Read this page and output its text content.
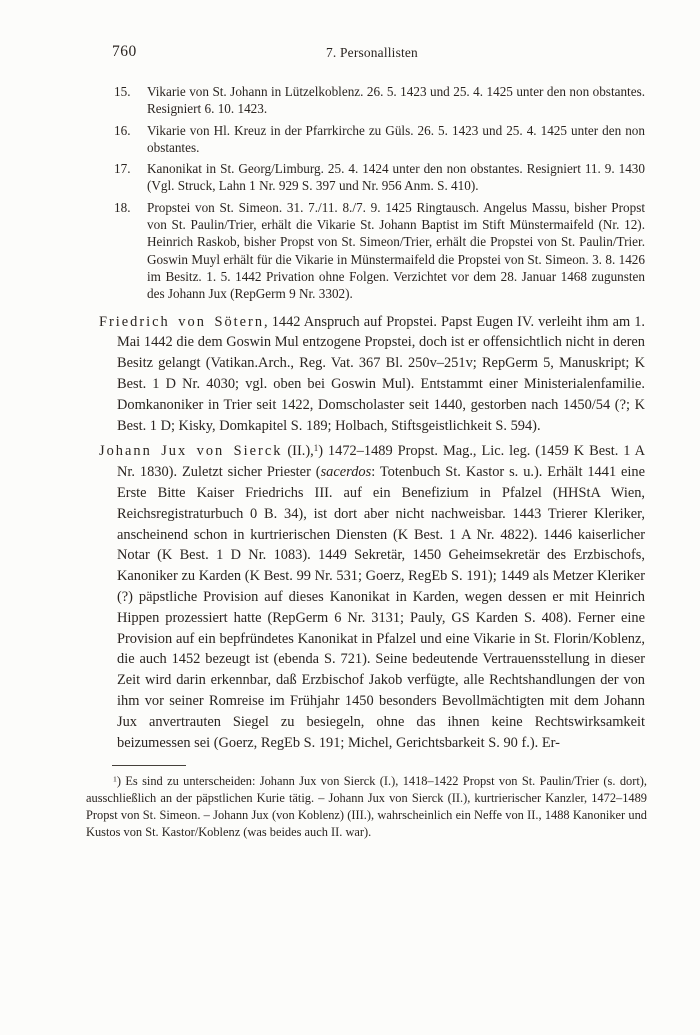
760	7. Personallisten
15. Vikarie von St. Johann in Lützelkoblenz. 26. 5. 1423 und 25. 4. 1425 unter den non obstantes. Resigniert 6. 10. 1423.
16. Vikarie von Hl. Kreuz in der Pfarrkirche zu Güls. 26. 5. 1423 und 25. 4. 1425 unter den non obstantes.
17. Kanonikat in St. Georg/Limburg. 25. 4. 1424 unter den non obstantes. Resigniert 11. 9. 1430 (Vgl. Struck, Lahn 1 Nr. 929 S. 397 und Nr. 956 Anm. S. 410).
18. Propstei von St. Simeon. 31. 7./11. 8./7. 9. 1425 Ringtausch. Angelus Massu, bisher Propst von St. Paulin/Trier, erhält die Vikarie St. Johann Baptist im Stift Münstermaifeld (Nr. 12). Heinrich Raskob, bisher Propst von St. Simeon/Trier, erhält die Propstei von St. Paulin/Trier. Goswin Muyl erhält für die Vikarie in Münstermaifeld die Propstei von St. Simeon. 3. 8. 1426 im Besitz. 1. 5. 1442 Privation ohne Folgen. Verzichtet vor dem 28. Januar 1468 zugunsten des Johann Jux (RepGerm 9 Nr. 3302).
Friedrich von Sötern, 1442 Anspruch auf Propstei. Papst Eugen IV. verleiht ihm am 1. Mai 1442 die dem Goswin Mul entzogene Propstei, doch ist er offensichtlich nicht in deren Besitz gelangt (Vatikan.Arch., Reg. Vat. 367 Bl. 250v–251v; RepGerm 5, Manuskript; K Best. 1 D Nr. 4030; vgl. oben bei Goswin Mul). Entstammt einer Ministerialenfamilie. Domkanoniker in Trier seit 1422, Domscholaster seit 1440, gestorben nach 1450/54 (?; K Best. 1 D; Kisky, Domkapitel S. 189; Holbach, Stiftsgeistlichkeit S. 594).
Johann Jux von Sierck (II.),$^1$) 1472–1489 Propst. Mag., Lic. leg. (1459 K Best. 1 A Nr. 1830). Zuletzt sicher Priester (sacerdos: Totenbuch St. Kastor s. u.). Erhält 1441 eine Erste Bitte Kaiser Friedrichs III. auf ein Benefizium in Pfalzel (HHStA Wien, Reichsregistraturbuch 0 B. 34), ist dort aber nicht nachweisbar. 1443 Trierer Kleriker, anscheinend schon in kurtrierischen Diensten (K Best. 1 A Nr. 4822). 1446 kaiserlicher Notar (K Best. 1 D Nr. 1083). 1449 Sekretär, 1450 Geheimsekretär des Erzbischofs, Kanoniker zu Karden (K Best. 99 Nr. 531; Goerz, RegEb S. 191); 1449 als Metzer Kleriker (?) päpstliche Provision auf dieses Kanonikat in Karden, wegen dessen er mit Heinrich Hippen prozessiert hatte (RepGerm 6 Nr. 3131; Pauly, GS Karden S. 408). Ferner eine Provision auf ein bepfründetes Kanonikat in Pfalzel und eine Vikarie in St. Florin/Koblenz, die auch 1452 bezeugt ist (ebenda S. 721). Seine bedeutende Vertrauensstellung in dieser Zeit wird darin erkennbar, daß Erzbischof Jakob verfügte, alle Rechtshandlungen der von ihm vor seiner Romreise im Frühjahr 1450 besonders Bevollmächtigten mit dem Johann Jux anvertrauten Siegel zu besiegeln, ohne das ihnen keine Rechtswirksamkeit beizumessen sei (Goerz, RegEb S. 191; Michel, Gerichtsbarkeit S. 90 f.). Er-
$^1$) Es sind zu unterscheiden: Johann Jux von Sierck (I.), 1418–1422 Propst von St. Paulin/Trier (s. dort), ausschließlich an der päpstlichen Kurie tätig. – Johann Jux von Sierck (II.), kurtrierischer Kanzler, 1472–1489 Propst von St. Simeon. – Johann Jux (von Koblenz) (III.), wahrscheinlich ein Neffe von II., 1488 Kanoniker und Kustos von St. Kastor/Koblenz (was beides auch II. war).
